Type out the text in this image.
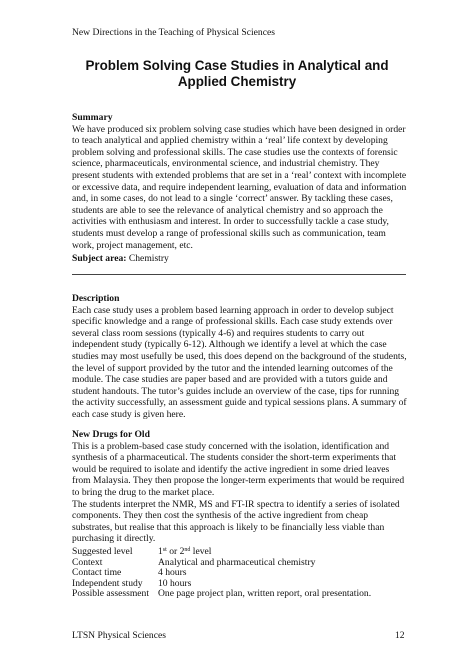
New Directions in the Teaching of Physical Sciences
Problem Solving Case Studies in Analytical and
Applied Chemistry
Summary
We have produced six problem solving case studies which have been designed in order to teach analytical and applied chemistry within a ‘real’ life context by developing problem solving and professional skills. The case studies use the contexts of forensic science, pharmaceuticals, environmental science, and industrial chemistry. They present students with extended problems that are set in a ‘real’ context with incomplete or excessive data, and require independent learning, evaluation of data and information and, in some cases, do not lead to a single ‘correct’ answer. By tackling these cases, students are able to see the relevance of analytical chemistry and so approach the activities with enthusiasm and interest. In order to successfully tackle a case study, students must develop a range of professional skills such as communication, team work, project management, etc.
Subject area: Chemistry
Description
Each case study uses a problem based learning approach in order to develop subject specific knowledge and a range of professional skills. Each case study extends over several class room sessions (typically 4-6) and requires students to carry out independent study (typically 6-12). Although we identify a level at which the case studies may most usefully be used, this does depend on the background of the students, the level of support provided by the tutor and the intended learning outcomes of the module. The case studies are paper based and are provided with a tutors guide and student handouts. The tutor’s guides include an overview of the case, tips for running the activity successfully, an assessment guide and typical sessions plans. A summary of each case study is given here.
New Drugs for Old
This is a problem-based case study concerned with the isolation, identification and synthesis of a pharmaceutical. The students consider the short-term experiments that would be required to isolate and identify the active ingredient in some dried leaves from Malaysia. They then propose the longer-term experiments that would be required to bring the drug to the market place.
The students interpret the NMR, MS and FT-IR spectra to identify a series of isolated components. They then cost the synthesis of the active ingredient from cheap substrates, but realise that this approach is likely to be financially less viable than purchasing it directly.
Suggested level	1st or 2nd level
Context	Analytical and pharmaceutical chemistry
Contact time	4 hours
Independent study	10 hours
Possible assessment	One page project plan, written report, oral presentation.
LTSN Physical Sciences	12
